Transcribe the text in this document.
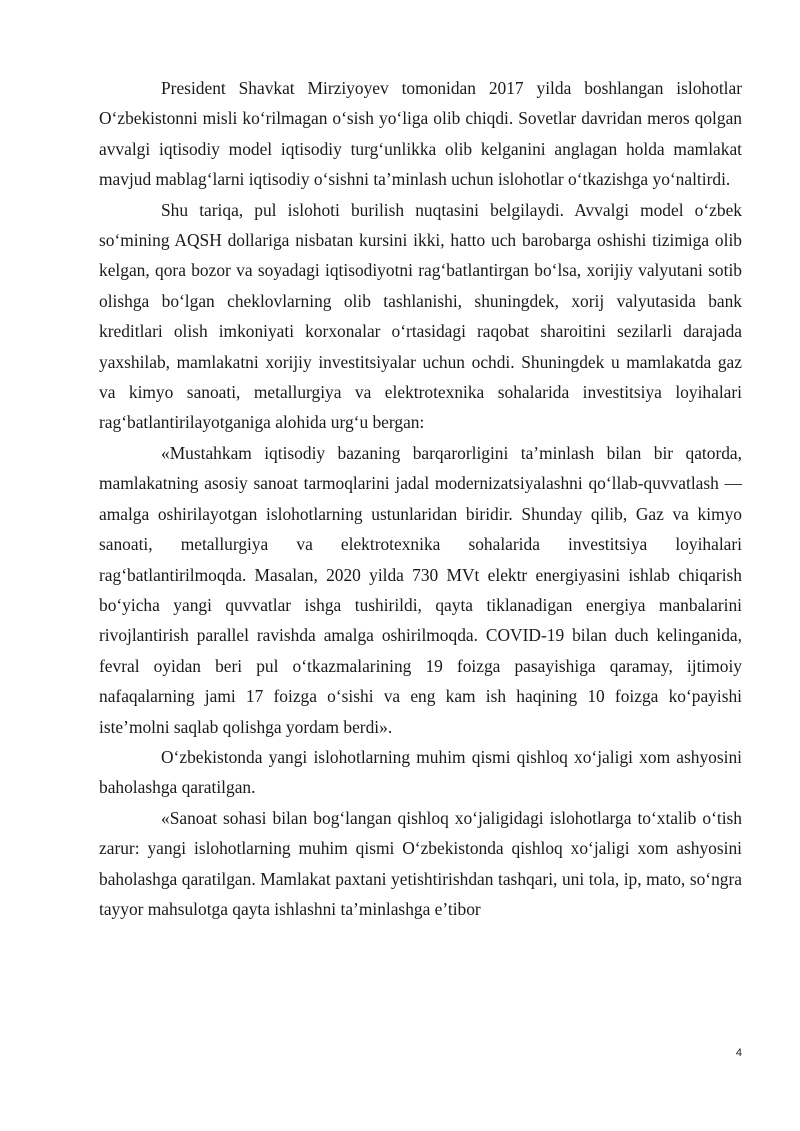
President Shavkat Mirziyoyev tomonidan 2017 yilda boshlangan islohotlar O‘zbekistonni misli ko‘rilmagan o‘sish yo‘liga olib chiqdi. Sovetlar davridan meros qolgan avvalgi iqtisodiy model iqtisodiy turg‘unlikka olib kelganini anglagan holda mamlakat mavjud mablag‘larni iqtisodiy o‘sishni ta’minlash uchun islohotlar o‘tkazishga yo‘naltirdi.

Shu tariqa, pul islohoti burilish nuqtasini belgilaydi. Avvalgi model o‘zbek so‘mining AQSH dollariga nisbatan kursini ikki, hatto uch barobarga oshishi tizimiga olib kelgan, qora bozor va soyadagi iqtisodiyotni rag‘batlantirgan bo‘lsa, xorijiy valyutani sotib olishga bo‘lgan cheklovlarning olib tashlanishi, shuningdek, xorij valyutasida bank kreditlari olish imkoniyati korxonalar o‘rtasidagi raqobat sharoitini sezilarli darajada yaxshilab, mamlakatni xorijiy investitsiyalar uchun ochdi. Shuningdek u mamlakatda gaz va kimyo sanoati, metallurgiya va elektrotexnika sohalarida investitsiya loyihalari rag‘batlantirilayotganiga alohida urg‘u bergan:

«Mustahkam iqtisodiy bazaning barqarorligini ta’minlash bilan bir qatorda, mamlakatning asosiy sanoat tarmoqlarini jadal modernizatsiyalashni qo‘llab-quvvatlash — amalga oshirilayotgan islohotlarning ustunlaridan biridir. Shunday qilib, Gaz va kimyo sanoati, metallurgiya va elektrotexnika sohalarida investitsiya loyihalari rag‘batlantirilmoqda. Masalan, 2020 yilda 730 MVt elektr energiyasini ishlab chiqarish bo‘yicha yangi quvvatlar ishga tushirildi, qayta tiklanadigan energiya manbalarini rivojlantirish parallel ravishda amalga oshirilmoqda. COVID-19 bilan duch kelinganida, fevral oyidan beri pul o‘tkazmalarining 19 foizga pasayishiga qaramay, ijtimoiy nafaqalarning jami 17 foizga o‘sishi va eng kam ish haqining 10 foizga ko‘payishi iste’molni saqlab qolishga yordam berdi».

O‘zbekistonda yangi islohotlarning muhim qismi qishloq xo‘jaligi xom ashyosini baholashga qaratilgan.

«Sanoat sohasi bilan bog‘langan qishloq xo‘jaligidagi islohotlarga to‘xtalib o‘tish zarur: yangi islohotlarning muhim qismi O‘zbekistonda qishloq xo‘jaligi xom ashyosini baholashga qaratilgan. Mamlakat paxtani yetishtirishdan tashqari, uni tola, ip, mato, so‘ngra tayyor mahsulotga qayta ishlashni ta’minlashga e’tibor

4
